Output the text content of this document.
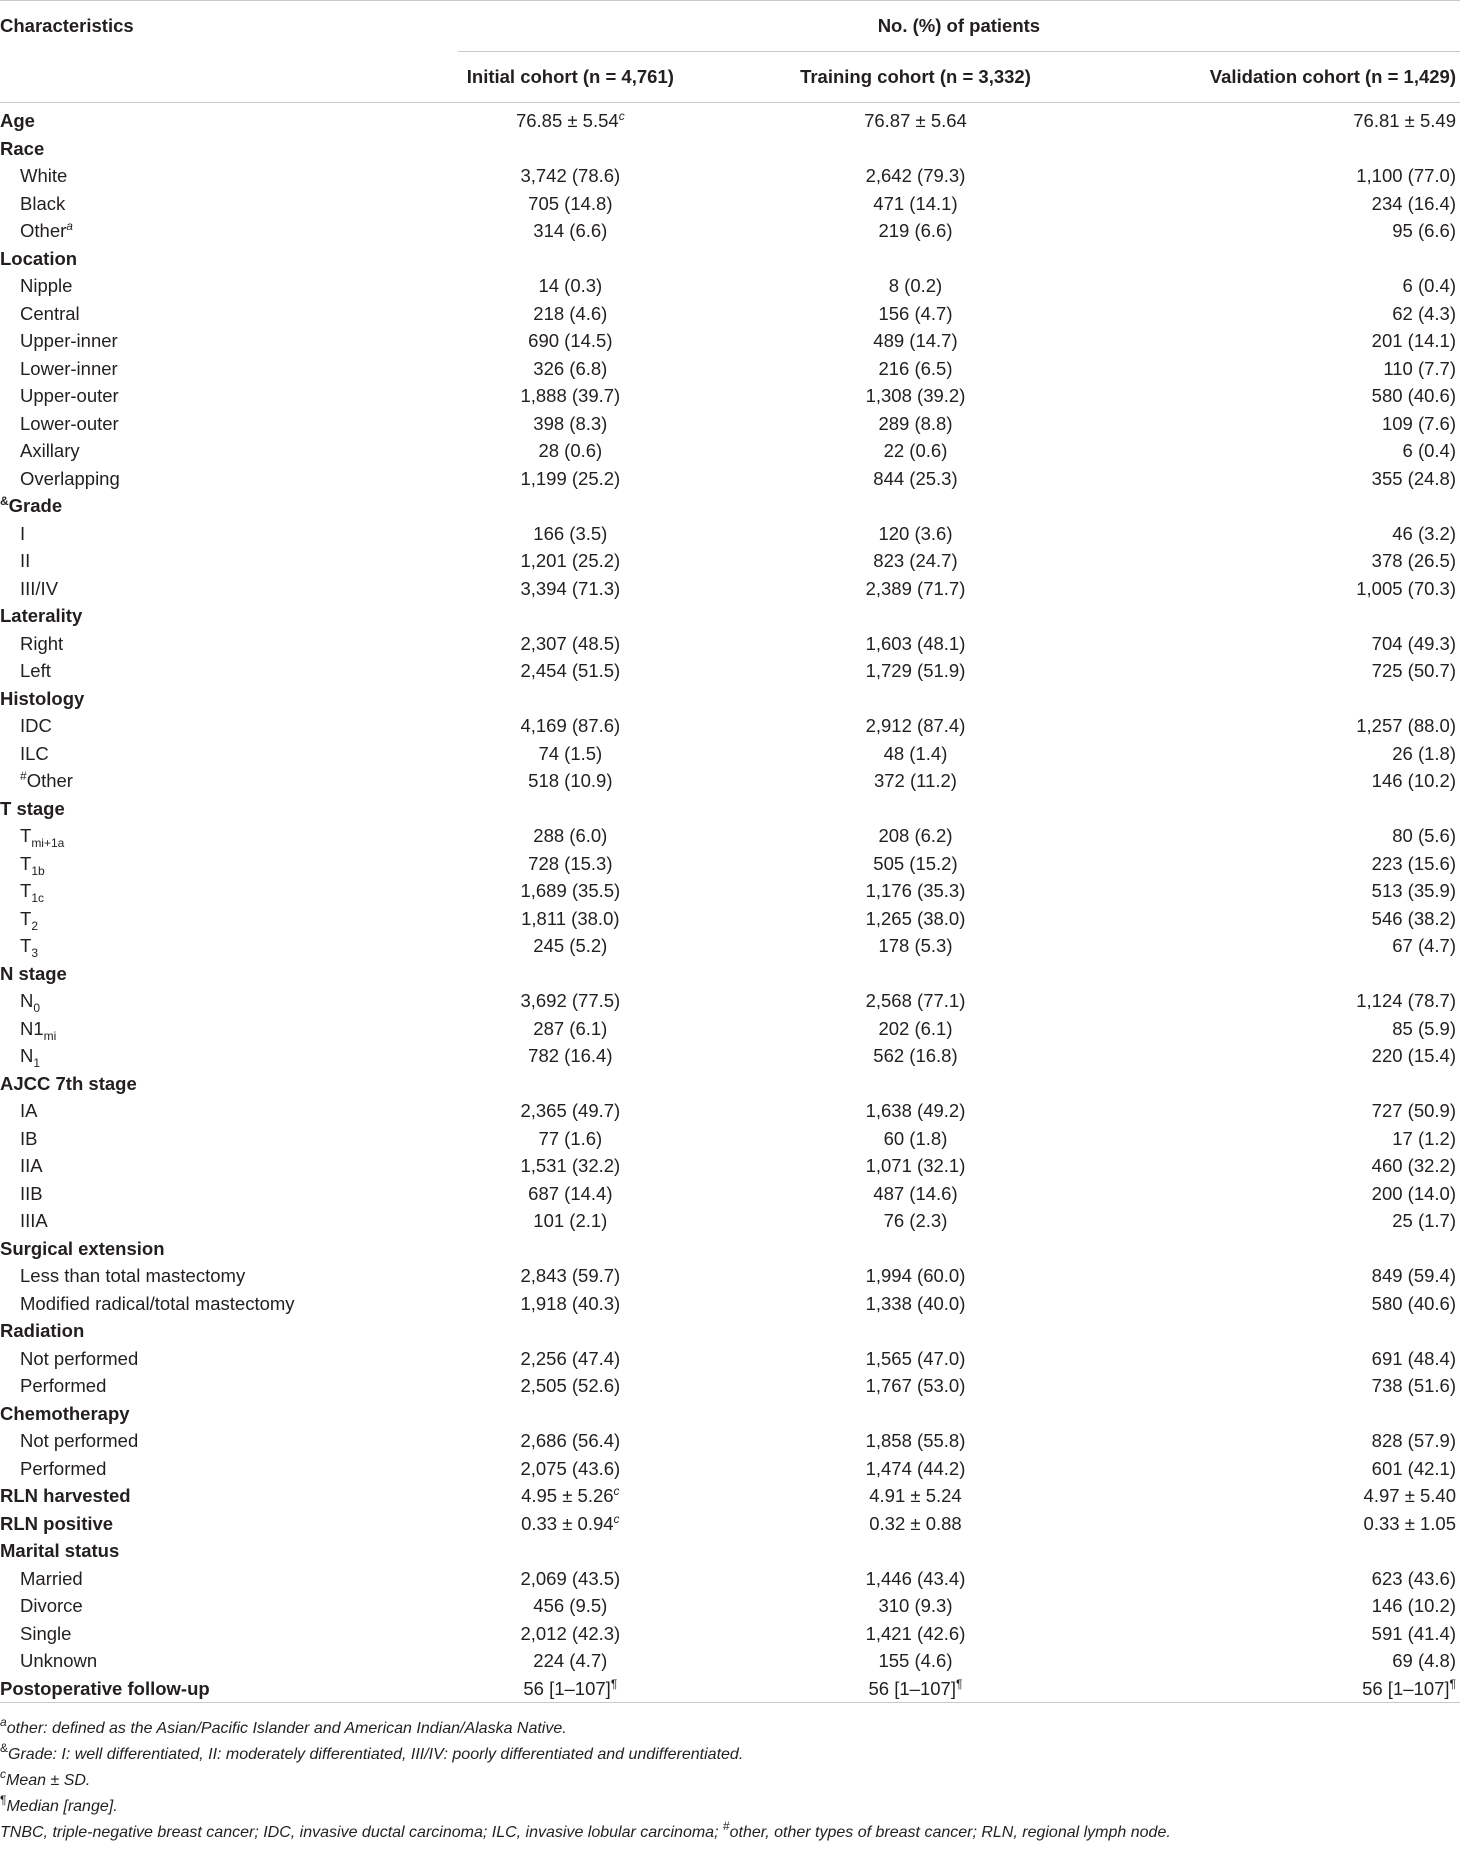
Characteristics	No. (%) of patients		
	Initial cohort (n = 4,761)	Training cohort (n = 3,332)	Validation cohort (n = 1,429)
Age	76.85 ± 5.54$^c$	76.87 ± 5.64	76.81 ± 5.49
Race			
White	3,742 (78.6)	2,642 (79.3)	1,100 (77.0)
Black	705 (14.8)	471 (14.1)	234 (16.4)
Other$^a$	314 (6.6)	219 (6.6)	95 (6.6)
Location			
Nipple	14 (0.3)	8 (0.2)	6 (0.4)
Central	218 (4.6)	156 (4.7)	62 (4.3)
Upper-inner	690 (14.5)	489 (14.7)	201 (14.1)
Lower-inner	326 (6.8)	216 (6.5)	110 (7.7)
Upper-outer	1,888 (39.7)	1,308 (39.2)	580 (40.6)
Lower-outer	398 (8.3)	289 (8.8)	109 (7.6)
Axillary	28 (0.6)	22 (0.6)	6 (0.4)
Overlapping	1,199 (25.2)	844 (25.3)	355 (24.8)
&Grade			
I	166 (3.5)	120 (3.6)	46 (3.2)
II	1,201 (25.2)	823 (24.7)	378 (26.5)
III/IV	3,394 (71.3)	2,389 (71.7)	1,005 (70.3)
Laterality			
Right	2,307 (48.5)	1,603 (48.1)	704 (49.3)
Left	2,454 (51.5)	1,729 (51.9)	725 (50.7)
Histology			
IDC	4,169 (87.6)	2,912 (87.4)	1,257 (88.0)
ILC	74 (1.5)	48 (1.4)	26 (1.8)
#Other	518 (10.9)	372 (11.2)	146 (10.2)
T stage			
$T_{mi+1a}$	288 (6.0)	208 (6.2)	80 (5.6)
$T_{1b}$	728 (15.3)	505 (15.2)	223 (15.6)
$T_{1c}$	1,689 (35.5)	1,176 (35.3)	513 (35.9)
$T_2$	1,811 (38.0)	1,265 (38.0)	546 (38.2)
$T_3$	245 (5.2)	178 (5.3)	67 (4.7)
N stage			
$N_0$	3,692 (77.5)	2,568 (77.1)	1,124 (78.7)
$N1_{mi}$	287 (6.1)	202 (6.1)	85 (5.9)
$N_1$	782 (16.4)	562 (16.8)	220 (15.4)
AJCC 7th stage			
IA	2,365 (49.7)	1,638 (49.2)	727 (50.9)
IB	77 (1.6)	60 (1.8)	17 (1.2)
IIA	1,531 (32.2)	1,071 (32.1)	460 (32.2)
IIB	687 (14.4)	487 (14.6)	200 (14.0)
IIIA	101 (2.1)	76 (2.3)	25 (1.7)
Surgical extension			
Less than total mastectomy	2,843 (59.7)	1,994 (60.0)	849 (59.4)
Modified radical/total mastectomy	1,918 (40.3)	1,338 (40.0)	580 (40.6)
Radiation			
Not performed	2,256 (47.4)	1,565 (47.0)	691 (48.4)
Performed	2,505 (52.6)	1,767 (53.0)	738 (51.6)
Chemotherapy			
Not performed	2,686 (56.4)	1,858 (55.8)	828 (57.9)
Performed	2,075 (43.6)	1,474 (44.2)	601 (42.1)
RLN harvested	4.95 ± 5.26$^c$	4.91 ± 5.24	4.97 ± 5.40
RLN positive	0.33 ± 0.94$^c$	0.32 ± 0.88	0.33 ± 1.05
Marital status			
Married	2,069 (43.5)	1,446 (43.4)	623 (43.6)
Divorce	456 (9.5)	310 (9.3)	146 (10.2)
Single	2,012 (42.3)	1,421 (42.6)	591 (41.4)
Unknown	224 (4.7)	155 (4.6)	69 (4.8)
Postoperative follow-up	56 [1–107]¶	56 [1–107]¶	56 [1–107]¶
$^a$other: defined as the Asian/Pacific Islander and American Indian/Alaska Native.
&Grade: I: well differentiated, II: moderately differentiated, III/IV: poorly differentiated and undifferentiated.
$^c$Mean ± SD.
¶Median [range].
TNBC, triple-negative breast cancer; IDC, invasive ductal carcinoma; ILC, invasive lobular carcinoma; #other, other types of breast cancer; RLN, regional lymph node.
